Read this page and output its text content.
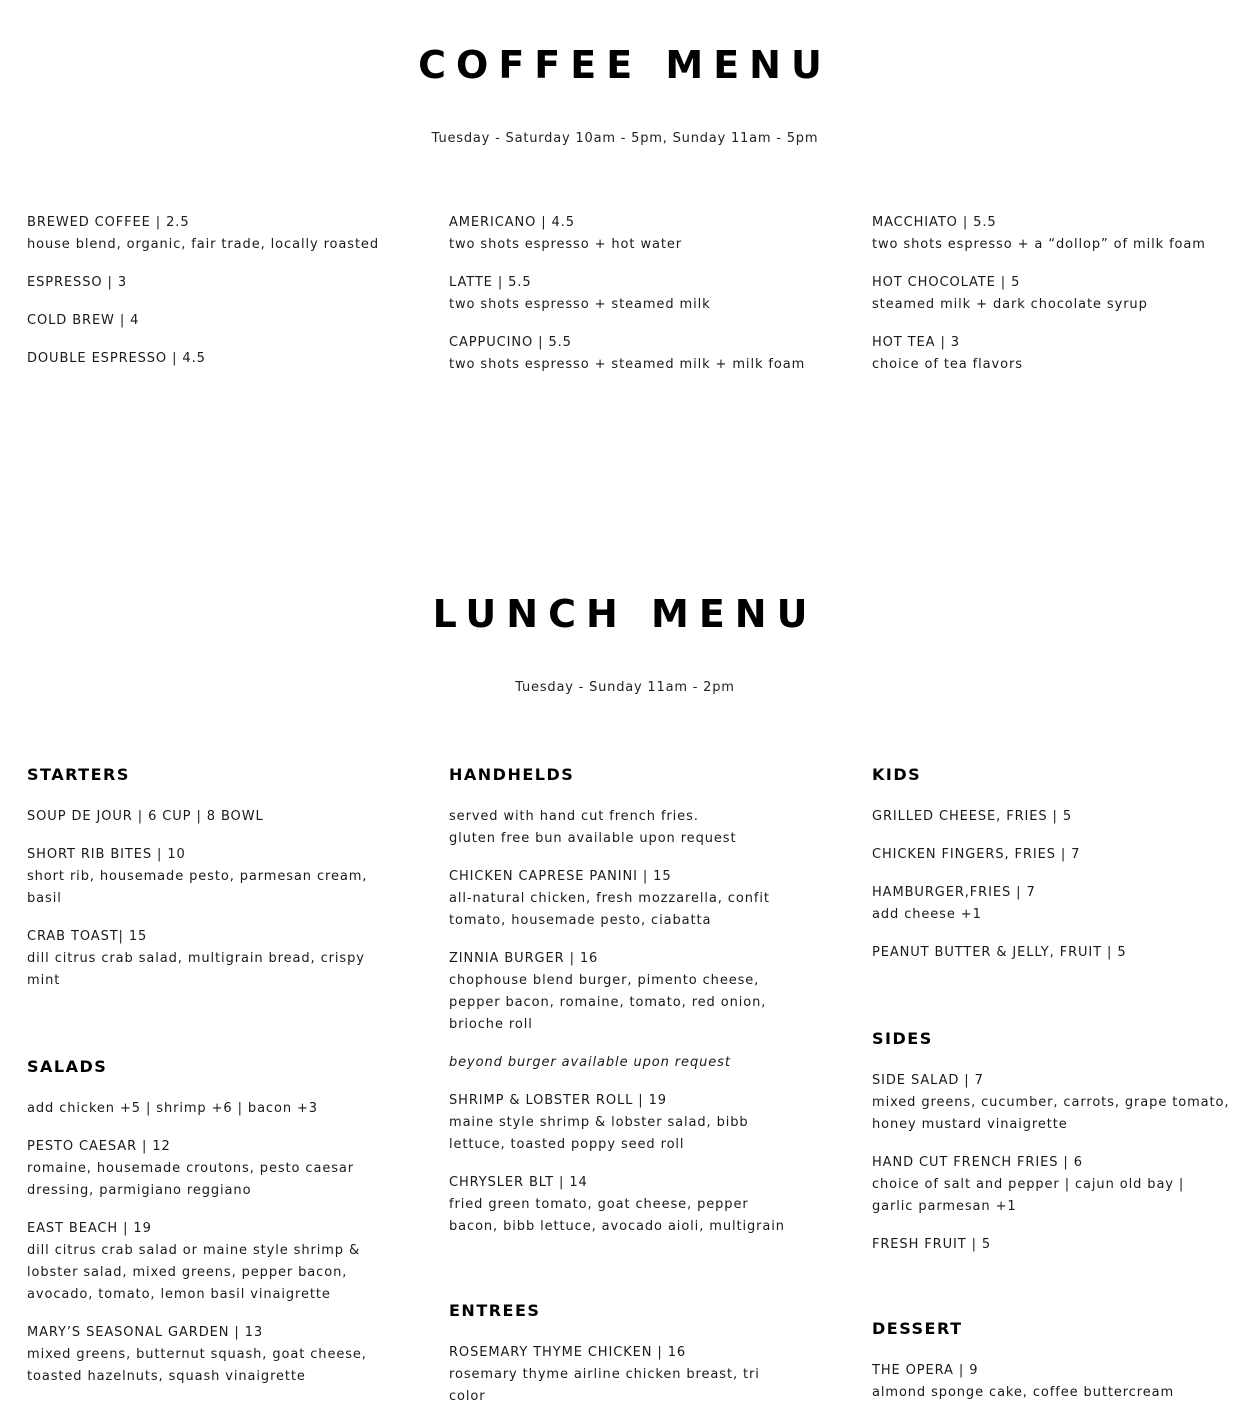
COFFEE MENU
Tuesday - Saturday 10am - 5pm, Sunday 11am - 5pm
BREWED COFFEE | 2.5
house blend, organic, fair trade, locally roasted
ESPRESSO | 3
COLD BREW | 4
DOUBLE ESPRESSO | 4.5
AMERICANO | 4.5
two shots espresso + hot water
LATTE | 5.5
two shots espresso + steamed milk
CAPPUCINO | 5.5
two shots espresso + steamed milk + milk foam
MACCHIATO | 5.5
two shots espresso + a “dollop” of milk foam
HOT CHOCOLATE | 5
steamed milk + dark chocolate syrup
HOT TEA | 3
choice of tea flavors
LUNCH MENU
Tuesday - Sunday 11am - 2pm
STARTERS
SOUP DE JOUR | 6 CUP | 8 BOWL
SHORT RIB BITES | 10
short rib, housemade pesto, parmesan cream, basil
CRAB TOAST| 15
dill citrus crab salad, multigrain bread, crispy mint
SALADS
add chicken +5 | shrimp +6 | bacon +3
PESTO CAESAR | 12
romaine, housemade croutons, pesto caesar dressing, parmigiano reggiano
EAST BEACH | 19
dill citrus crab salad or maine style shrimp & lobster salad, mixed greens, pepper bacon, avocado, tomato, lemon basil vinaigrette
MARY’S SEASONAL GARDEN | 13
mixed greens, butternut squash, goat cheese, toasted hazelnuts, squash vinaigrette
HANDHELDS
served with hand cut french fries. gluten free bun available upon request
CHICKEN CAPRESE PANINI | 15
all-natural chicken, fresh mozzarella, confit tomato, housemade pesto, ciabatta
ZINNIA BURGER | 16
chophouse blend burger, pimento cheese, pepper bacon, romaine, tomato, red onion, brioche roll
beyond burger available upon request
SHRIMP & LOBSTER ROLL | 19
maine style shrimp & lobster salad, bibb lettuce, toasted poppy seed roll
CHRYSLER BLT | 14
fried green tomato, goat cheese, pepper bacon, bibb lettuce, avocado aioli, multigrain
ENTREES
ROSEMARY THYME CHICKEN | 16
rosemary thyme airline chicken breast, tri color
KIDS
GRILLED CHEESE, FRIES | 5
CHICKEN FINGERS, FRIES | 7
HAMBURGER,FRIES | 7
add cheese +1
PEANUT BUTTER & JELLY, FRUIT | 5
SIDES
SIDE SALAD | 7
mixed greens, cucumber, carrots, grape tomato, honey mustard vinaigrette
HAND CUT FRENCH FRIES | 6
choice of salt and pepper | cajun old bay | garlic parmesan +1
FRESH FRUIT | 5
DESSERT
THE OPERA | 9
almond sponge cake, coffee buttercream
